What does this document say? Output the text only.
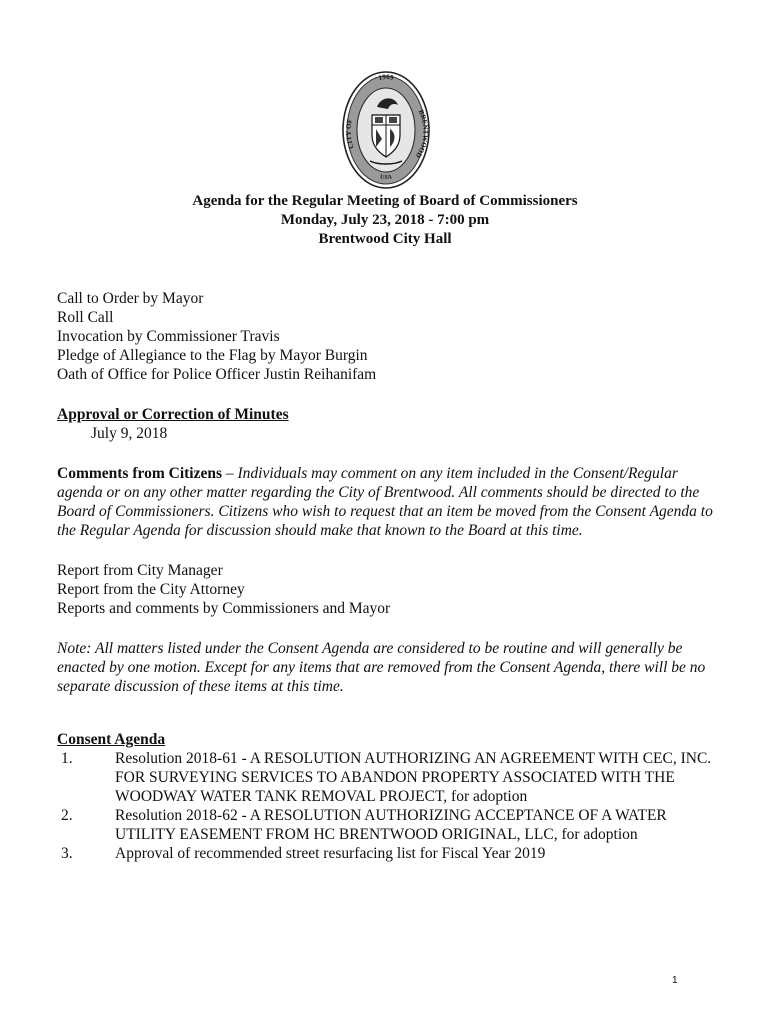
1969
CITY OF
BRENTWOOD
USA
Agenda for the Regular Meeting of Board of Commissioners
Monday, July 23, 2018 - 7:00 pm
Brentwood City Hall
Call to Order by Mayor
Roll Call
Invocation by Commissioner Travis
Pledge of Allegiance to the Flag by Mayor Burgin
Oath of Office for Police Officer Justin Reihanifam
Approval or Correction of Minutes
July 9, 2018
Comments from Citizens – Individuals may comment on any item included in the Consent/Regular agenda or on any other matter regarding the City of Brentwood. All comments should be directed to the Board of Commissioners. Citizens who wish to request that an item be moved from the Consent Agenda to the Regular Agenda for discussion should make that known to the Board at this time.
Report from City Manager
Report from the City Attorney
Reports and comments by Commissioners and Mayor
Note: All matters listed under the Consent Agenda are considered to be routine and will generally be enacted by one motion. Except for any items that are removed from the Consent Agenda, there will be no separate discussion of these items at this time.
Consent Agenda
1.	Resolution 2018-61 - A RESOLUTION AUTHORIZING AN AGREEMENT WITH CEC, INC. FOR SURVEYING SERVICES TO ABANDON PROPERTY ASSOCIATED WITH THE WOODWAY WATER TANK REMOVAL PROJECT, for adoption
2.	Resolution 2018-62 - A RESOLUTION AUTHORIZING ACCEPTANCE OF A WATER UTILITY EASEMENT FROM HC BRENTWOOD ORIGINAL, LLC, for adoption
3.	Approval of recommended street resurfacing list for Fiscal Year 2019
1
